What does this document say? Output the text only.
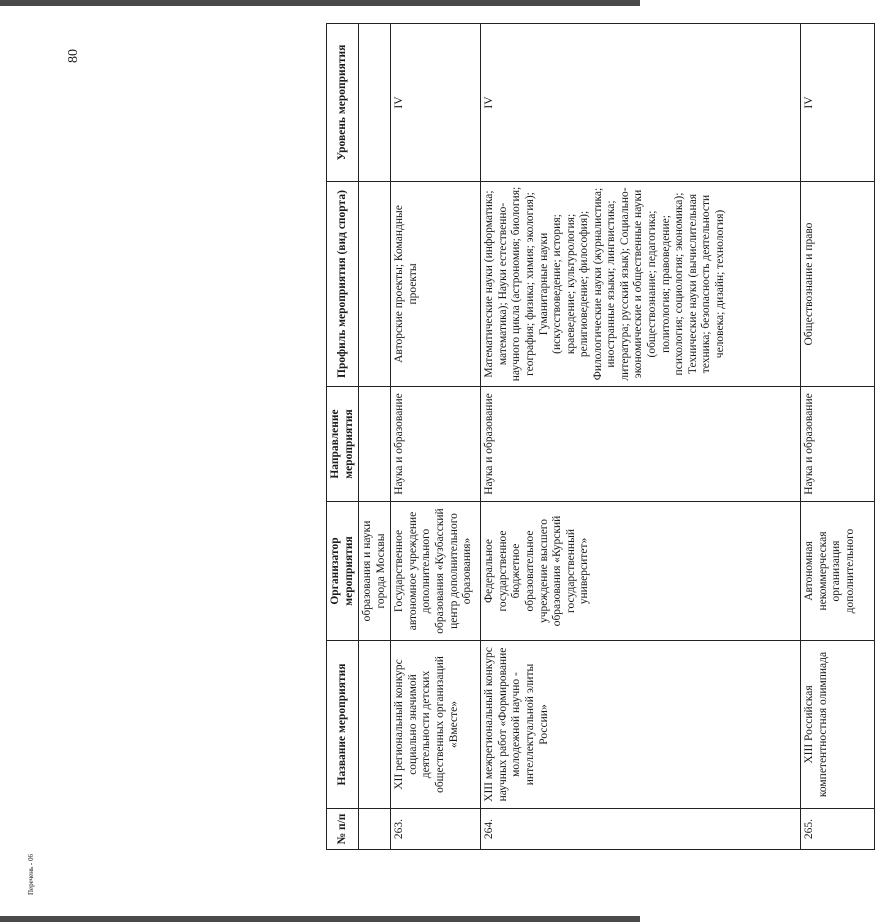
80
№ п/п	Название мероприятия	Организатор мероприятия	Направление мероприятия	Профиль мероприятия (вид спорта)	Уровень мероприятия
		образования и науки города Москвы			
263.	XII региональный конкурс социально значимой деятельности детских общественных организаций «Вместе»	Государственное автономное учреждение дополнительного образования «Кузбасский центр дополнительного образования»	Наука и образование	Авторские проекты; Командные проекты	IV
264.	XIII межрегиональный конкурс научных работ «Формирование молодежной научно - интеллектуальной элиты России»	Федеральное государственное бюджетное образовательное учреждение высшего образования «Курский государственный университет»	Наука и образование	Математические науки (информатика; математика); Науки естественно-научного цикла (астрономия; биология; география; физика; химия; экология); Гуманитарные науки (искусствоведение; история; краеведение; культурология; религиоведение; философия); Филологические науки (журналистика; иностранные языки; лингвистика; литература; русский язык); Социально-экономические и общественные науки (обществознание; педагогика; политология; правоведение; психология; социология; экономика); Технические науки (вычислительная техника; безопасность деятельности человека; дизайн; технология)	IV
265.	XIII Российская компетентностная олимпиада	Автономная некоммерческая организация дополнительного	Наука и образование	Обществознание и право	IV
Перечень - 06
